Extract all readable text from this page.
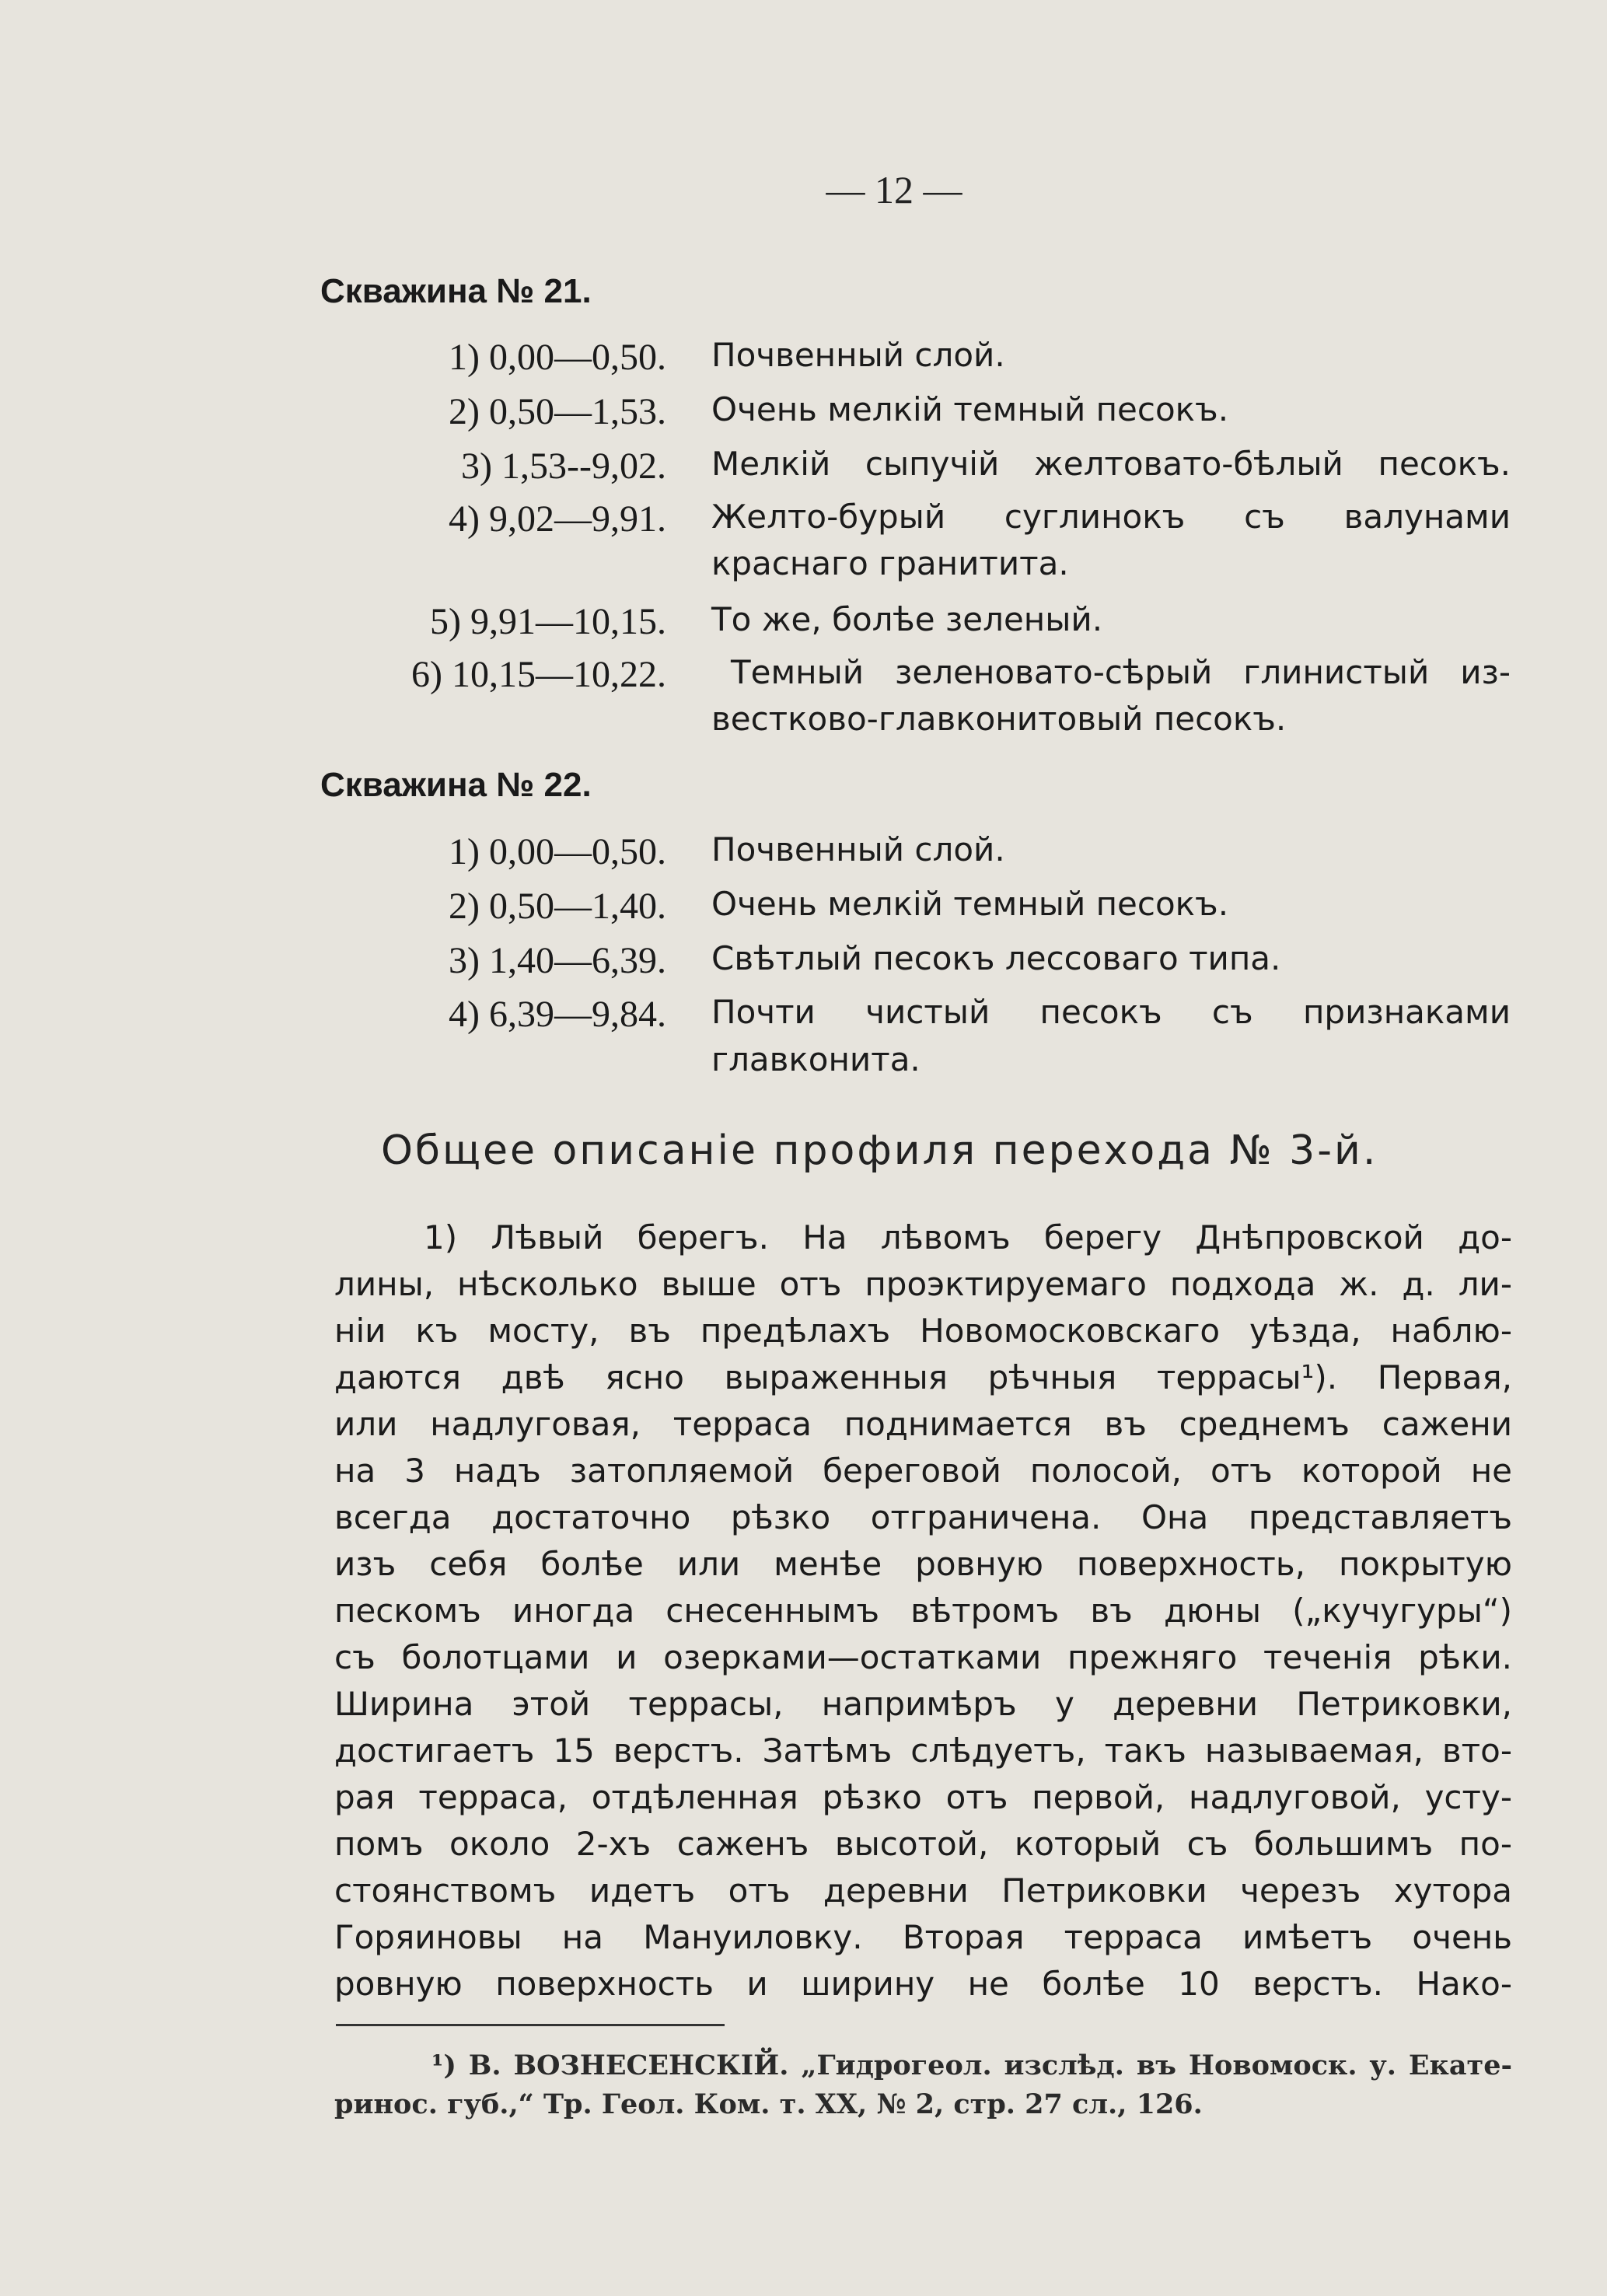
— 12 —
Скважина № 21.
1) 0,00—0,50. Почвенный слой.
2) 0,50—1,53. Очень мелкiй темный песокъ.
3) 1,53--9,02. Мелкiй сыпучiй желтовато-бѣлый песокъ.
4) 9,02—9,91. Желто-бурый суглинокъ съ валунами
краснаго гранитита.
5) 9,91—10,15. То же, болѣе зеленый.
6) 10,15—10,22. Темный зеленовато-сѣрый глинистый из-
вестково-главконитовый песокъ.
Скважина № 22.
1) 0,00—0,50. Почвенный слой.
2) 0,50—1,40. Очень мелкiй темный песокъ.
3) 1,40—6,39. Свѣтлый песокъ лессоваго типа.
4) 6,39—9,84. Почти чистый песокъ съ признаками
главконита.
Общее описанiе профиля перехода № 3-й.
1) Лѣвый берегъ. На лѣвомъ берегу Днѣпровской до-
лины, нѣсколько выше отъ проэктируемаго подхода ж. д. ли-
нiи къ мосту, въ предѣлахъ Новомосковскаго уѣзда, наблю-
даются двѣ ясно выраженныя рѣчныя террасы¹). Первая,
или надлуговая, терраса поднимается въ среднемъ сажени
на 3 надъ затопляемой береговой полосой, отъ которой не
всегда достаточно рѣзко отграничена. Она представляетъ
изъ себя болѣе или менѣе ровную поверхность, покрытую
пескомъ иногда снесеннымъ вѣтромъ въ дюны („кучугуры“)
съ болотцами и озерками—остатками прежняго теченiя рѣки.
Ширина этой террасы, напримѣръ у деревни Петриковки,
достигаетъ 15 верстъ. Затѣмъ слѣдуетъ, такъ называемая, вто-
рая терраса, отдѣленная рѣзко отъ первой, надлуговой, усту-
помъ около 2-хъ саженъ высотой, который съ большимъ по-
стоянствомъ идетъ отъ деревни Петриковки черезъ хутора
Горяиновы на Мануиловку. Вторая терраса имѣетъ очень
ровную поверхность и ширину не болѣе 10 верстъ. Нако-
¹) В. ВОЗНЕСЕНСКIЙ. „Гидрогеол. изслѣд. въ Новомоск. у. Екате-
ринос. губ.,“ Тр. Геол. Ком. т. XX, № 2, стр. 27 сл., 126.
